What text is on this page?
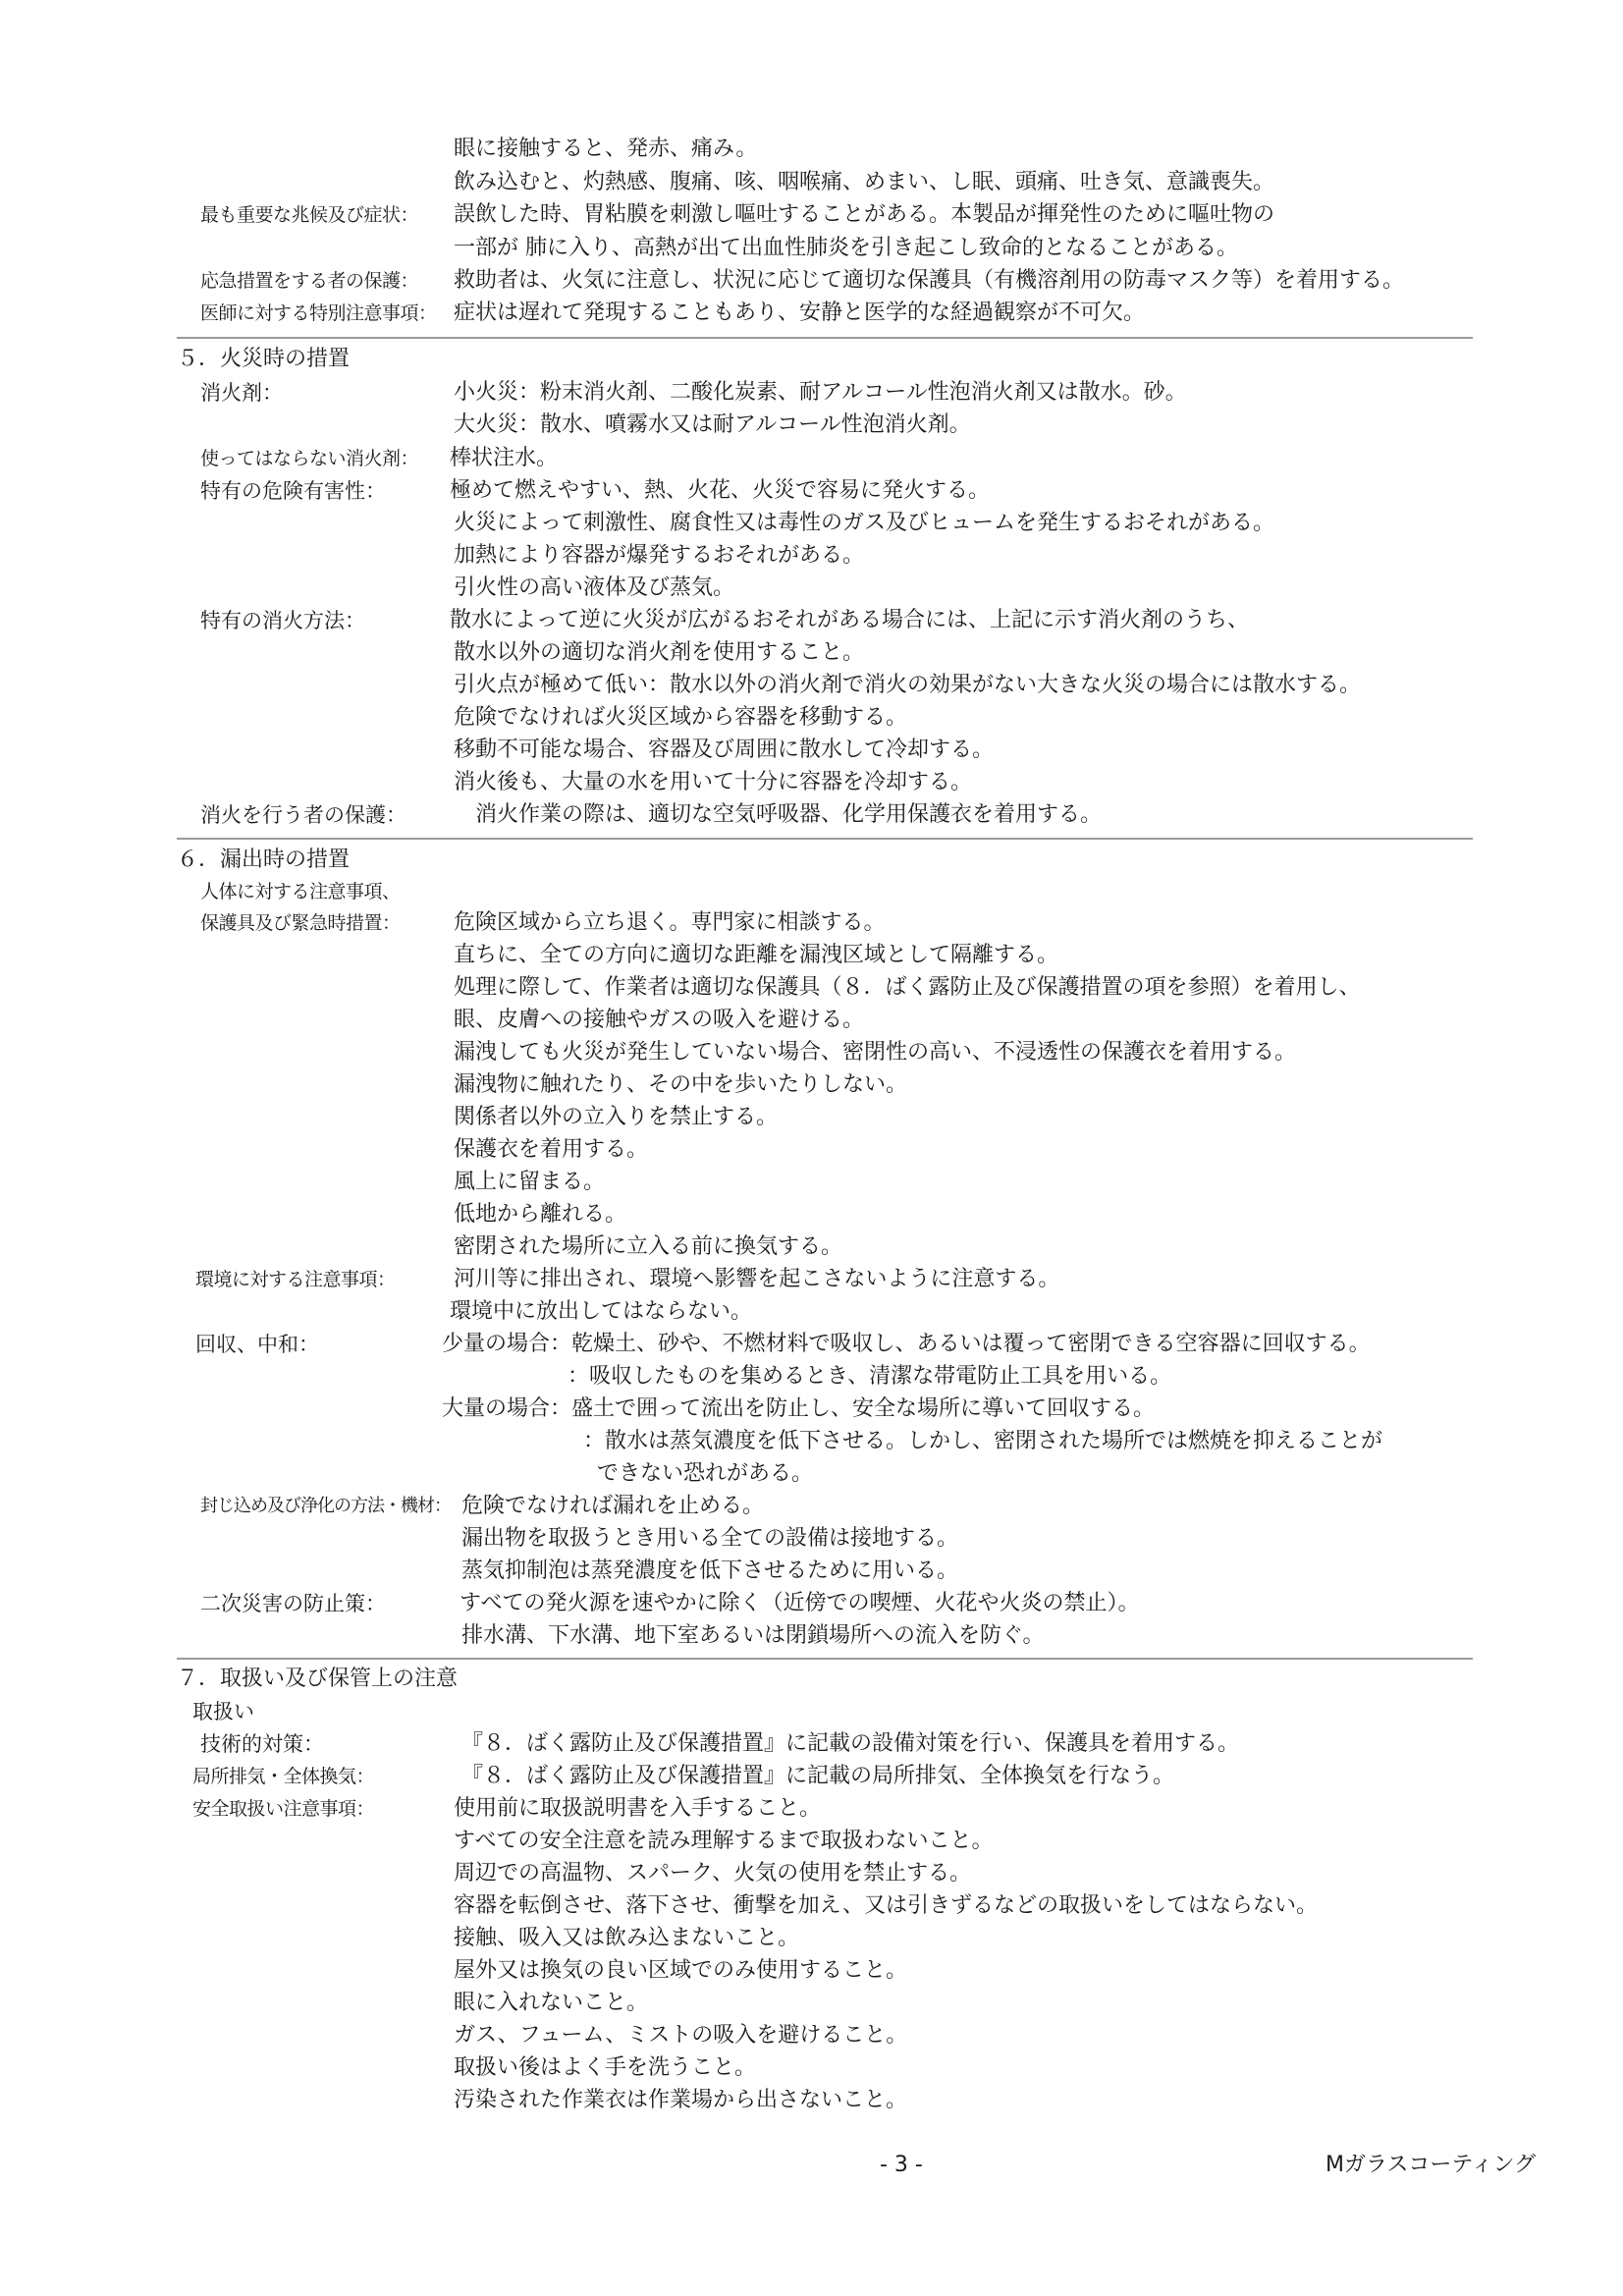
眼に接触すると、発赤、痛み。
飲み込むと、灼熱感、腹痛、咳、咽喉痛、めまい、し眠、頭痛、吐き気、意識喪失。
最も重要な兆候及び症状： 誤飲した時、胃粘膜を刺激し嘔吐することがある。本製品が揮発性のために嘔吐物の
一部が 肺に入り、高熱が出て出血性肺炎を引き起こし致命的となることがある。
応急措置をする者の保護： 救助者は、火気に注意し、状況に応じて適切な保護具（有機溶剤用の防毒マスク等）を着用する。
医師に対する特別注意事項： 症状は遅れて発現することもあり、安静と医学的な経過観察が不可欠。
５．火災時の措置
消火剤：	小火災：粉末消火剤、二酸化炭素、耐アルコール性泡消火剤又は散水。砂。
大火災：散水、噴霧水又は耐アルコール性泡消火剤。
使ってはならない消火剤： 棒状注水。
特有の危険有害性：	極めて燃えやすい、熱、火花、火災で容易に発火する。
火災によって刺激性、腐食性又は毒性のガス及びヒュームを発生するおそれがある。
加熱により容器が爆発するおそれがある。
引火性の高い液体及び蒸気。
特有の消火方法：	散水によって逆に火災が広がるおそれがある場合には、上記に示す消火剤のうち、
散水以外の適切な消火剤を使用すること。
引火点が極めて低い：散水以外の消火剤で消火の効果がない大きな火災の場合には散水する。
危険でなければ火災区域から容器を移動する。
移動不可能な場合、容器及び周囲に散水して冷却する。
消火後も、大量の水を用いて十分に容器を冷却する。
消火を行う者の保護：	消火作業の際は、適切な空気呼吸器、化学用保護衣を着用する。
６．漏出時の措置
人体に対する注意事項、
保護具及び緊急時措置： 危険区域から立ち退く。専門家に相談する。
直ちに、全ての方向に適切な距離を漏洩区域として隔離する。
処理に際して、作業者は適切な保護具（８．ばく露防止及び保護措置の項を参照）を着用し、
眼、皮膚への接触やガスの吸入を避ける。
漏洩しても火災が発生していない場合、密閉性の高い、不浸透性の保護衣を着用する。
漏洩物に触れたり、その中を歩いたりしない。
関係者以外の立入りを禁止する。
保護衣を着用する。
風上に留まる。
低地から離れる。
密閉された場所に立入る前に換気する。
環境に対する注意事項：	河川等に排出され、環境へ影響を起こさないように注意する。
環境中に放出してはならない。
回収、中和：	少量の場合：乾燥土、砂や、不燃材料で吸収し、あるいは覆って密閉できる空容器に回収する。
：吸収したものを集めるとき、清潔な帯電防止工具を用いる。
大量の場合：盛土で囲って流出を防止し、安全な場所に導いて回収する。
：散水は蒸気濃度を低下させる。しかし、密閉された場所では燃焼を抑えることが
できない恐れがある。
封じ込め及び浄化の方法・機材： 危険でなければ漏れを止める。
漏出物を取扱うとき用いる全ての設備は接地する。
蒸気抑制泡は蒸発濃度を低下させるために用いる。
二次災害の防止策：	すべての発火源を速やかに除く（近傍での喫煙、火花や火炎の禁止）。
排水溝、下水溝、地下室あるいは閉鎖場所への流入を防ぐ。
７．取扱い及び保管上の注意
取扱い
技術的対策：	『８．ばく露防止及び保護措置』に記載の設備対策を行い、保護具を着用する。
局所排気・全体換気：	『８．ばく露防止及び保護措置』に記載の局所排気、全体換気を行なう。
安全取扱い注意事項：	使用前に取扱説明書を入手すること。
すべての安全注意を読み理解するまで取扱わないこと。
周辺での高温物、スパーク、火気の使用を禁止する。
容器を転倒させ、落下させ、衝撃を加え、又は引きずるなどの取扱いをしてはならない。
接触、吸入又は飲み込まないこと。
屋外又は換気の良い区域でのみ使用すること。
眼に入れないこと。
ガス、フューム、ミストの吸入を避けること。
取扱い後はよく手を洗うこと。
汚染された作業衣は作業場から出さないこと。
- 3 -	Mガラスコーティング
